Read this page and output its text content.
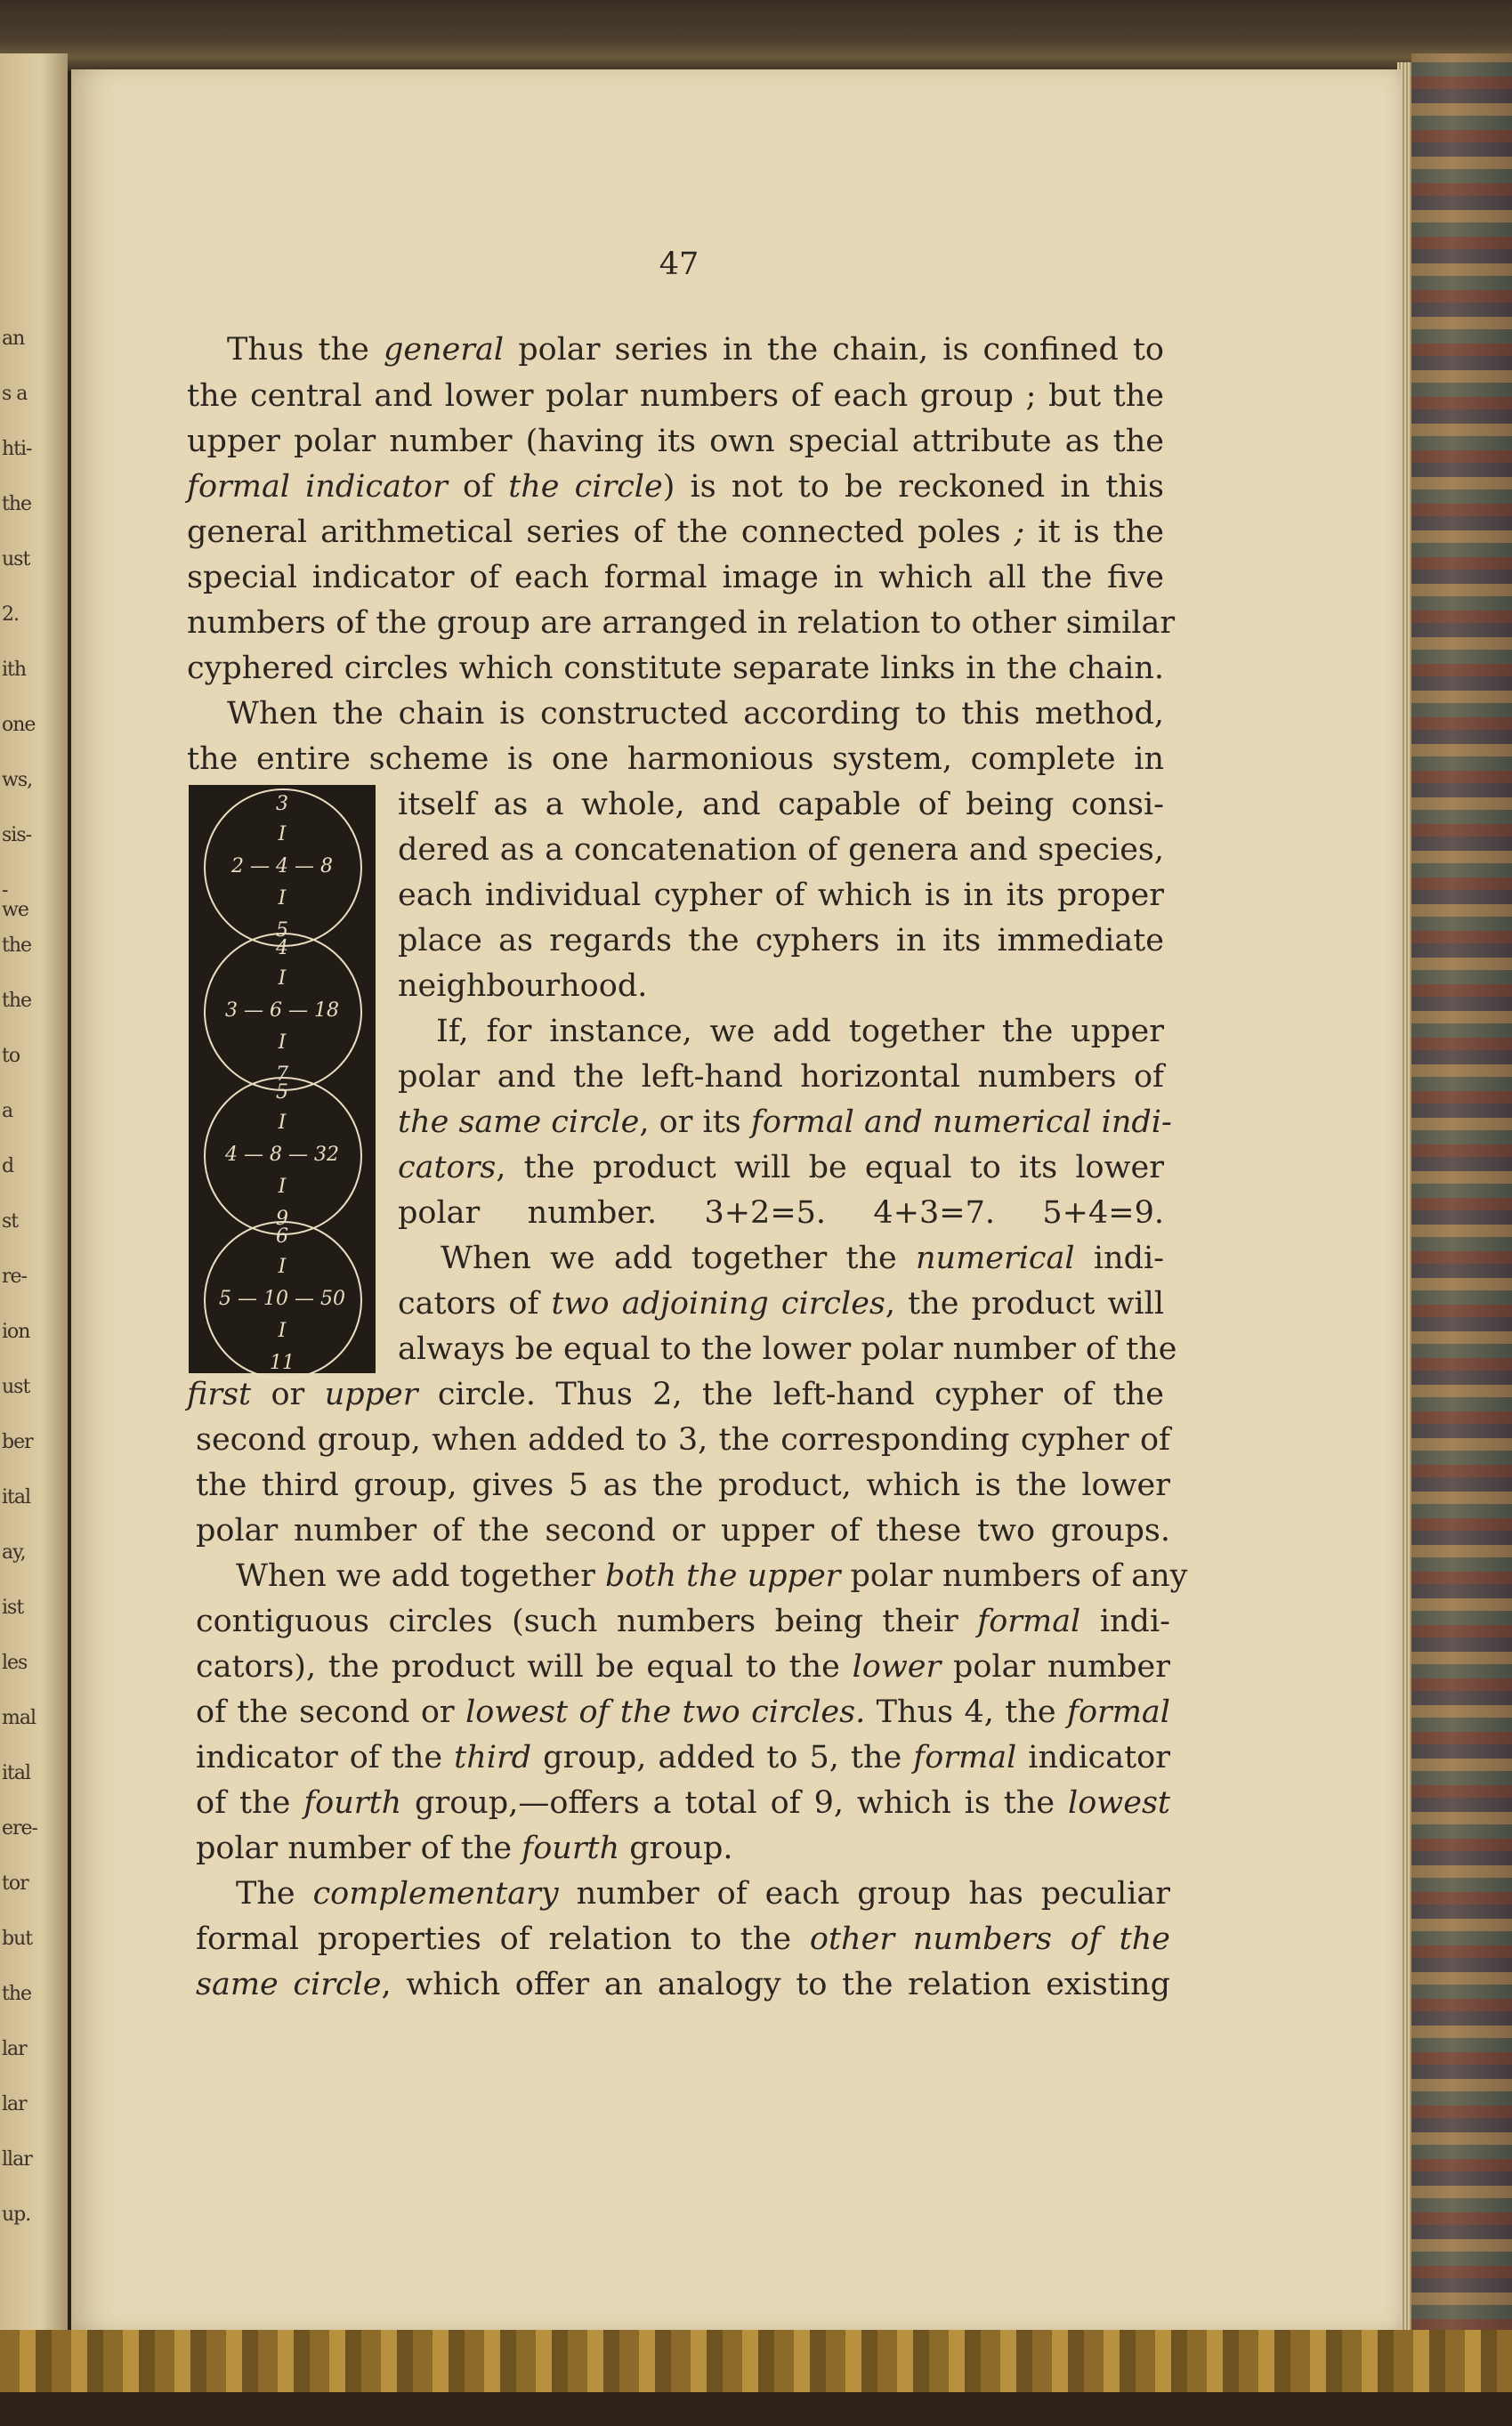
an
s a
hti-
the
ust
2.
ith
one
ws,
sis-
-we
the
the
to
a
d
st
re-
ion
ust
ber
ital
ay,
ist
les
mal
ital
ere-
tor
but
the
lar
lar
llar
up.
47
Thus the general polar series in the chain, is confined to
the central and lower polar numbers of each group ; but the
upper polar number (having its own special attribute as the
formal indicator of the circle) is not to be reckoned in this
general arithmetical series of the connected poles ; it is the
special indicator of each formal image in which all the five
numbers of the group are arranged in relation to other similar
cyphered circles which constitute separate links in the chain.
When the chain is constructed according to this method,
the entire scheme is one harmonious system, complete in
itself as a whole, and capable of being consi-
dered as a concatenation of genera and species,
each individual cypher of which is in its proper
place as regards the cyphers in its immediate
neighbourhood.
If, for instance, we add together the upper
polar and the left-hand horizontal numbers of
the same circle, or its formal and numerical indi-
cators, the product will be equal to its lower
polar number. 3+2=5. 4+3=7. 5+4=9.
When we add together the numerical indi-
cators of two adjoining circles, the product will
always be equal to the lower polar number of the
first or upper circle. Thus 2, the left-hand cypher of the
second group, when added to 3, the corresponding cypher of
the third group, gives 5 as the product, which is the lower
polar number of the second or upper of these two groups.
When we add together both the upper polar numbers of any
contiguous circles (such numbers being their formal indi-
cators), the product will be equal to the lower polar number
of the second or lowest of the two circles. Thus 4, the formal
indicator of the third group, added to 5, the formal indicator
of the fourth group,—offers a total of 9, which is the lowest
polar number of the fourth group.
The complementary number of each group has peculiar
formal properties of relation to the other numbers of the
same circle, which offer an analogy to the relation existing
3
I
2 — 4 — 8
I
5
4
I
3 — 6 — 18
I
7
5
I
4 — 8 — 32
I
9
6
I
5 — 10 — 50
I
11
